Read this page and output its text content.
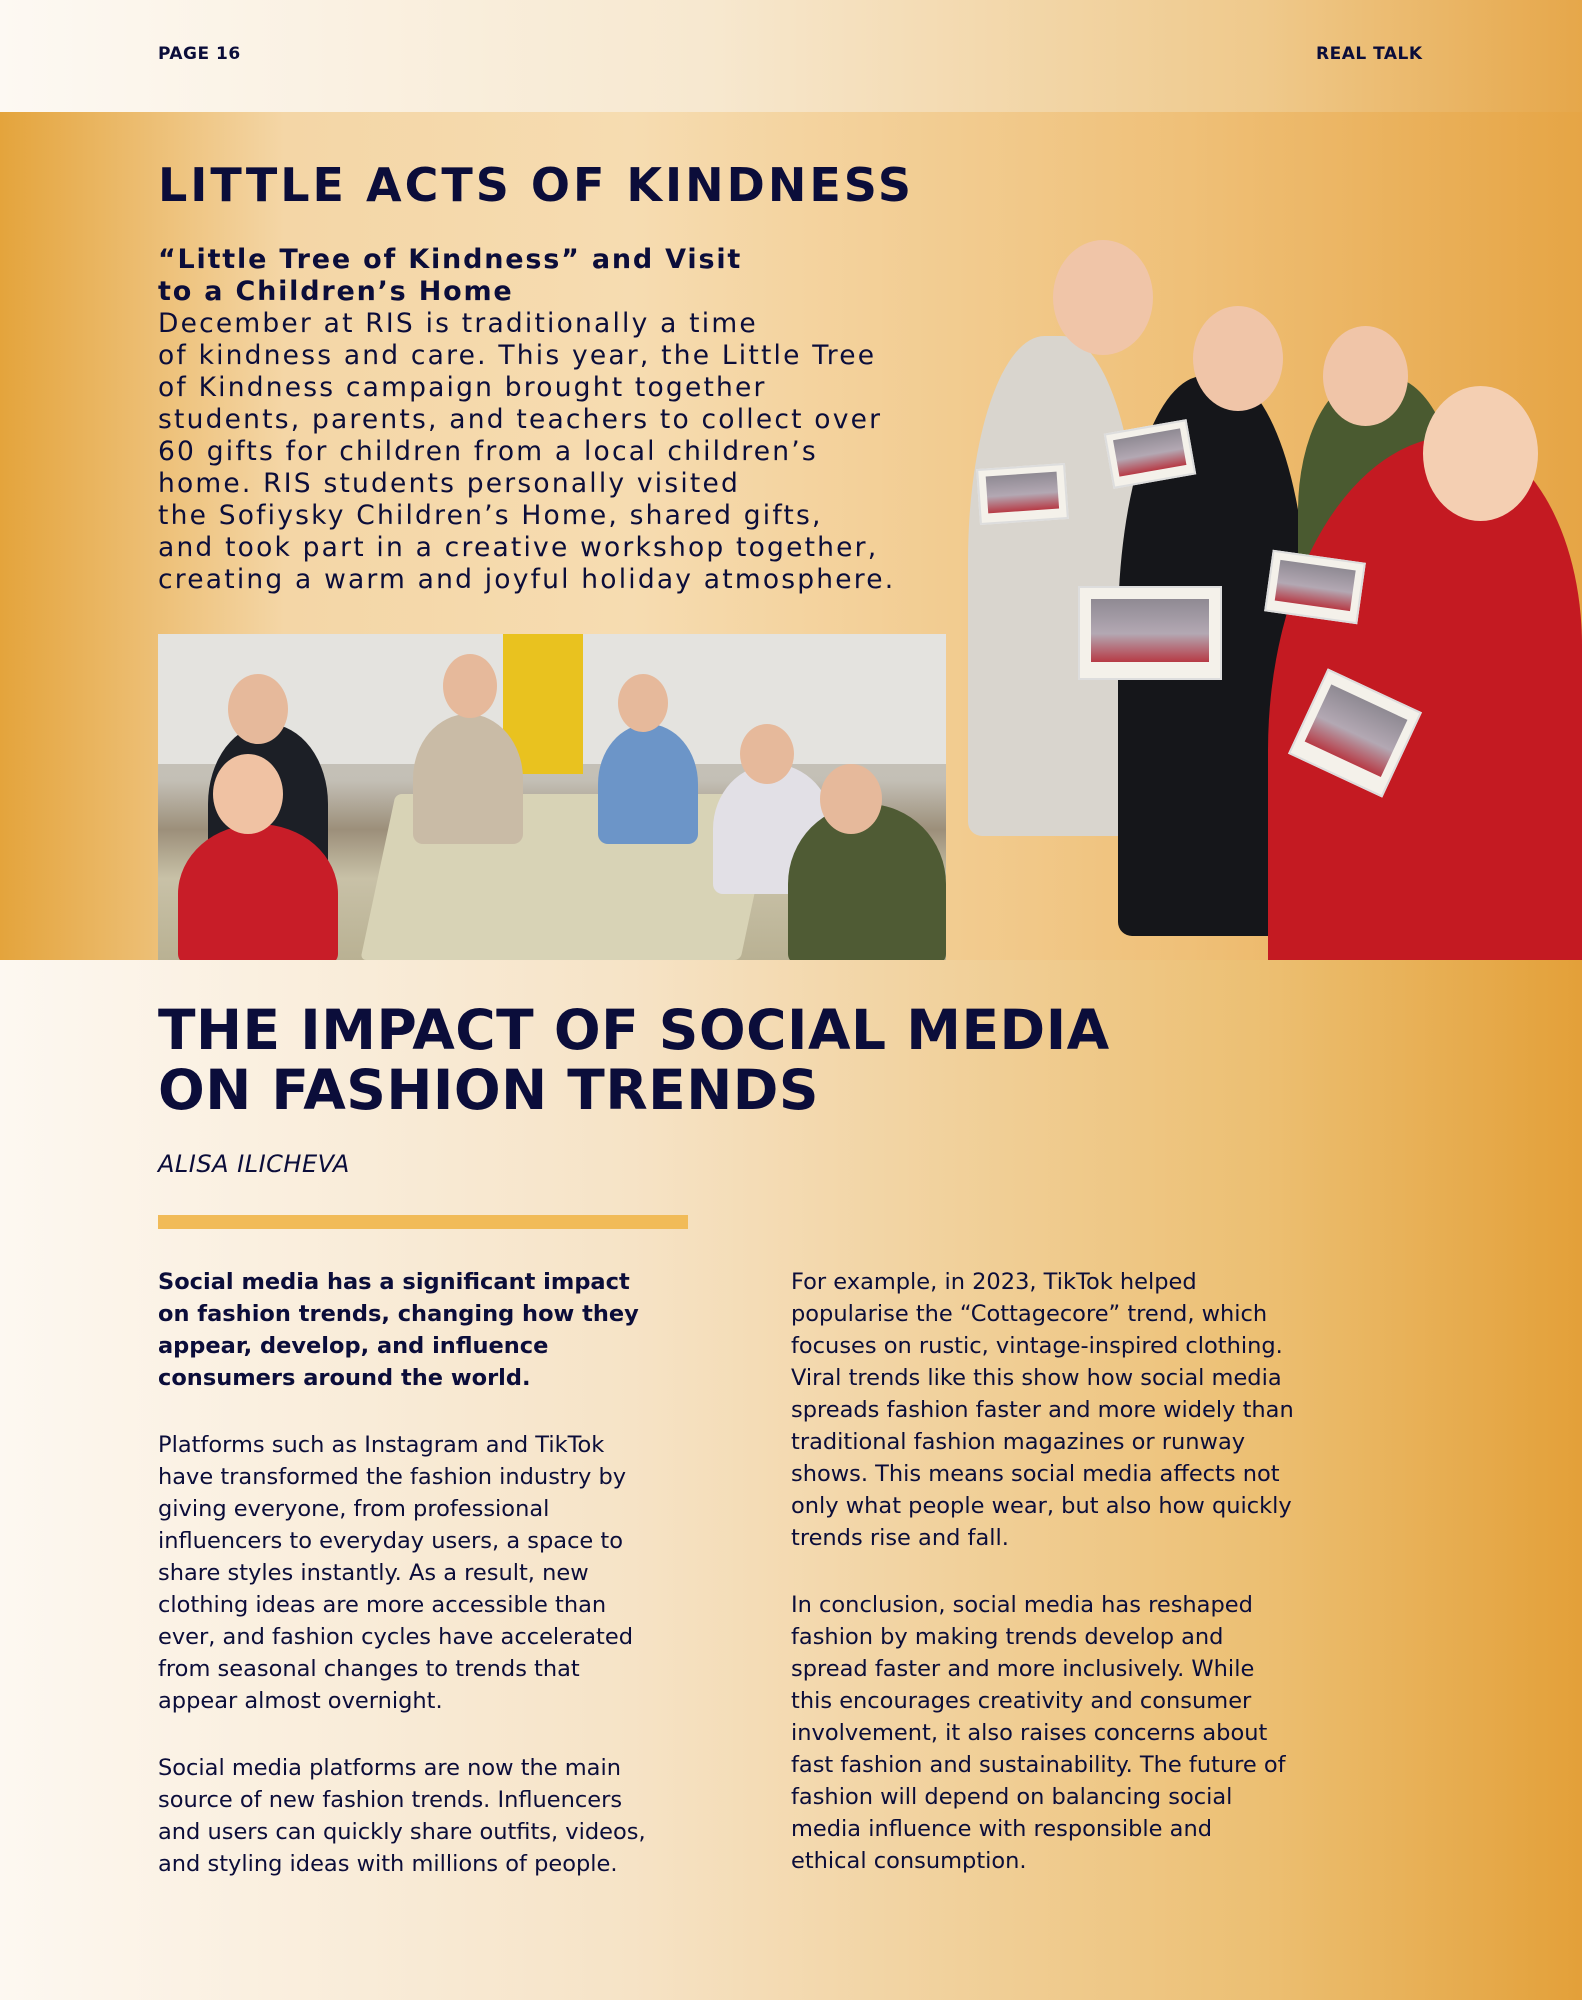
PAGE 16	REAL TALK
LITTLE ACTS OF KINDNESS

“Little Tree of Kindness” and Visit
to a Children’s Home

December at RIS is traditionally a time
of kindness and care. This year, the Little Tree
of Kindness campaign brought together
students, parents, and teachers to collect over
60 gifts for children from a local children’s
home. RIS students personally visited
the Sofiysky Children’s Home, shared gifts,
and took part in a creative workshop together,
creating a warm and joyful holiday atmosphere.

THE IMPACT OF SOCIAL MEDIA ON FASHION TRENDS
ALISA ILICHEVA

Social media has a significant impact
on fashion trends, changing how they
appear, develop, and influence
consumers around the world.

Platforms such as Instagram and TikTok
have transformed the fashion industry by
giving everyone, from professional
influencers to everyday users, a space to
share styles instantly. As a result, new
clothing ideas are more accessible than
ever, and fashion cycles have accelerated
from seasonal changes to trends that
appear almost overnight.

Social media platforms are now the main
source of new fashion trends. Influencers
and users can quickly share outfits, videos,
and styling ideas with millions of people.

For example, in 2023, TikTok helped
popularise the “Cottagecore” trend, which
focuses on rustic, vintage-inspired clothing.
Viral trends like this show how social media
spreads fashion faster and more widely than
traditional fashion magazines or runway
shows. This means social media affects not
only what people wear, but also how quickly
trends rise and fall.

In conclusion, social media has reshaped
fashion by making trends develop and
spread faster and more inclusively. While
this encourages creativity and consumer
involvement, it also raises concerns about
fast fashion and sustainability. The future of
fashion will depend on balancing social
media influence with responsible and
ethical consumption.
